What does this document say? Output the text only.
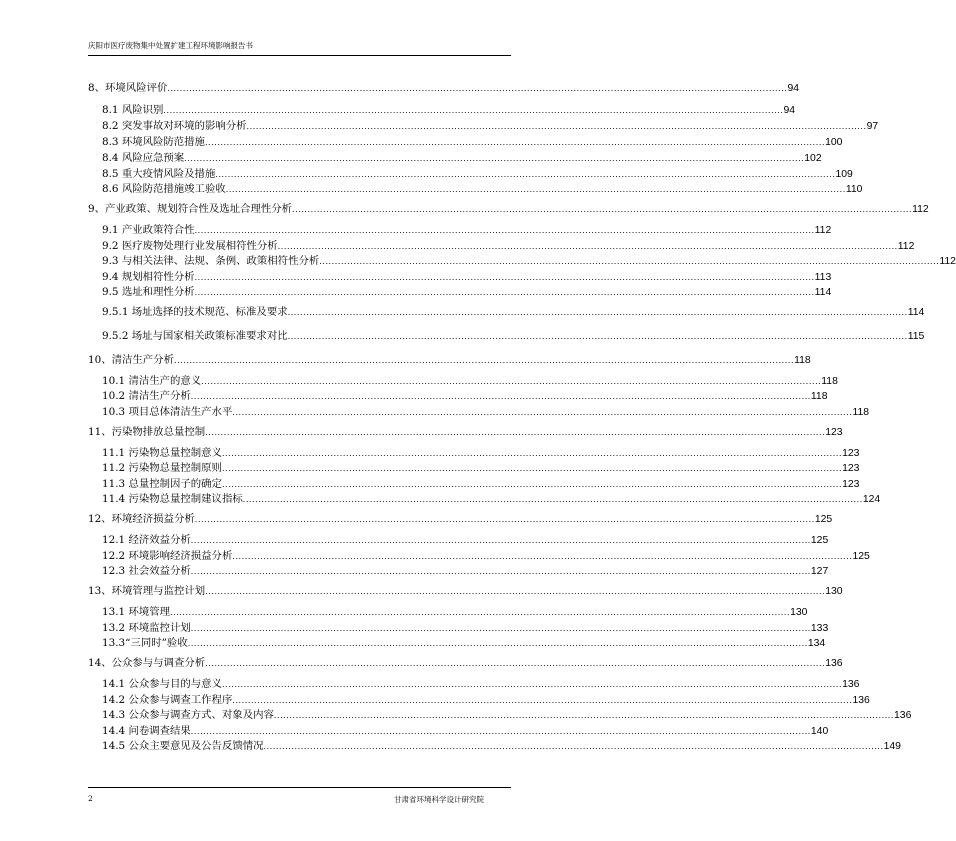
庆阳市医疗废物集中处置扩建工程环境影响报告书
8、环境风险评价 ........................................................................................................................................................................................................ 94
8.1 风险识别 ........................................................................................................................................................................................................ 94
8.2 突发事故对环境的影响分析 ........................................................................................................................................................................................................ 97
8.3 环境风险防范措施 ........................................................................................................................................................................................................ 100
8.4 风险应急预案 ........................................................................................................................................................................................................ 102
8.5 重大疫情风险及措施 ........................................................................................................................................................................................................ 109
8.6 风险防范措施竣工验收 ........................................................................................................................................................................................................ 110
9、产业政策、规划符合性及选址合理性分析 ........................................................................................................................................................................................................ 112
9.1 产业政策符合性 ........................................................................................................................................................................................................ 112
9.2 医疗废物处理行业发展相符性分析 ........................................................................................................................................................................................................ 112
9.3 与相关法律、法规、条例、政策相符性分析 ........................................................................................................................................................................................................ 112
9.4 规划相符性分析 ........................................................................................................................................................................................................ 113
9.5 选址和理性分析 ........................................................................................................................................................................................................ 114
9.5.1 场址选择的技术规范、标准及要求 ........................................................................................................................................................................................................ 114
9.5.2 场址与国家相关政策标准要求对比 ........................................................................................................................................................................................................ 115
10、清洁生产分析 ........................................................................................................................................................................................................ 118
10.1 清洁生产的意义 ........................................................................................................................................................................................................ 118
10.2 清洁生产分析 ........................................................................................................................................................................................................ 118
10.3 项目总体清洁生产水平 ........................................................................................................................................................................................................ 118
11、污染物排放总量控制 ........................................................................................................................................................................................................ 123
11.1 污染物总量控制意义 ........................................................................................................................................................................................................ 123
11.2 污染物总量控制原则 ........................................................................................................................................................................................................ 123
11.3 总量控制因子的确定 ........................................................................................................................................................................................................ 123
11.4 污染物总量控制建议指标 ........................................................................................................................................................................................................ 124
12、环境经济损益分析 ........................................................................................................................................................................................................ 125
12.1 经济效益分析 ........................................................................................................................................................................................................ 125
12.2 环境影响经济损益分析 ........................................................................................................................................................................................................ 125
12.3 社会效益分析 ........................................................................................................................................................................................................ 127
13、环境管理与监控计划 ........................................................................................................................................................................................................ 130
13.1 环境管理 ........................................................................................................................................................................................................ 130
13.2 环境监控计划 ........................................................................................................................................................................................................ 133
13.3“三同时”验收 ........................................................................................................................................................................................................ 134
14、公众参与与调查分析 ........................................................................................................................................................................................................ 136
14.1 公众参与目的与意义 ........................................................................................................................................................................................................ 136
14.2 公众参与调查工作程序 ........................................................................................................................................................................................................ 136
14.3 公众参与调查方式、对象及内容 ........................................................................................................................................................................................................ 136
14.4 问卷调查结果 ........................................................................................................................................................................................................ 140
14.5 公众主要意见及公告反馈情况 ........................................................................................................................................................................................................ 149
2	甘肃省环境科学设计研究院
